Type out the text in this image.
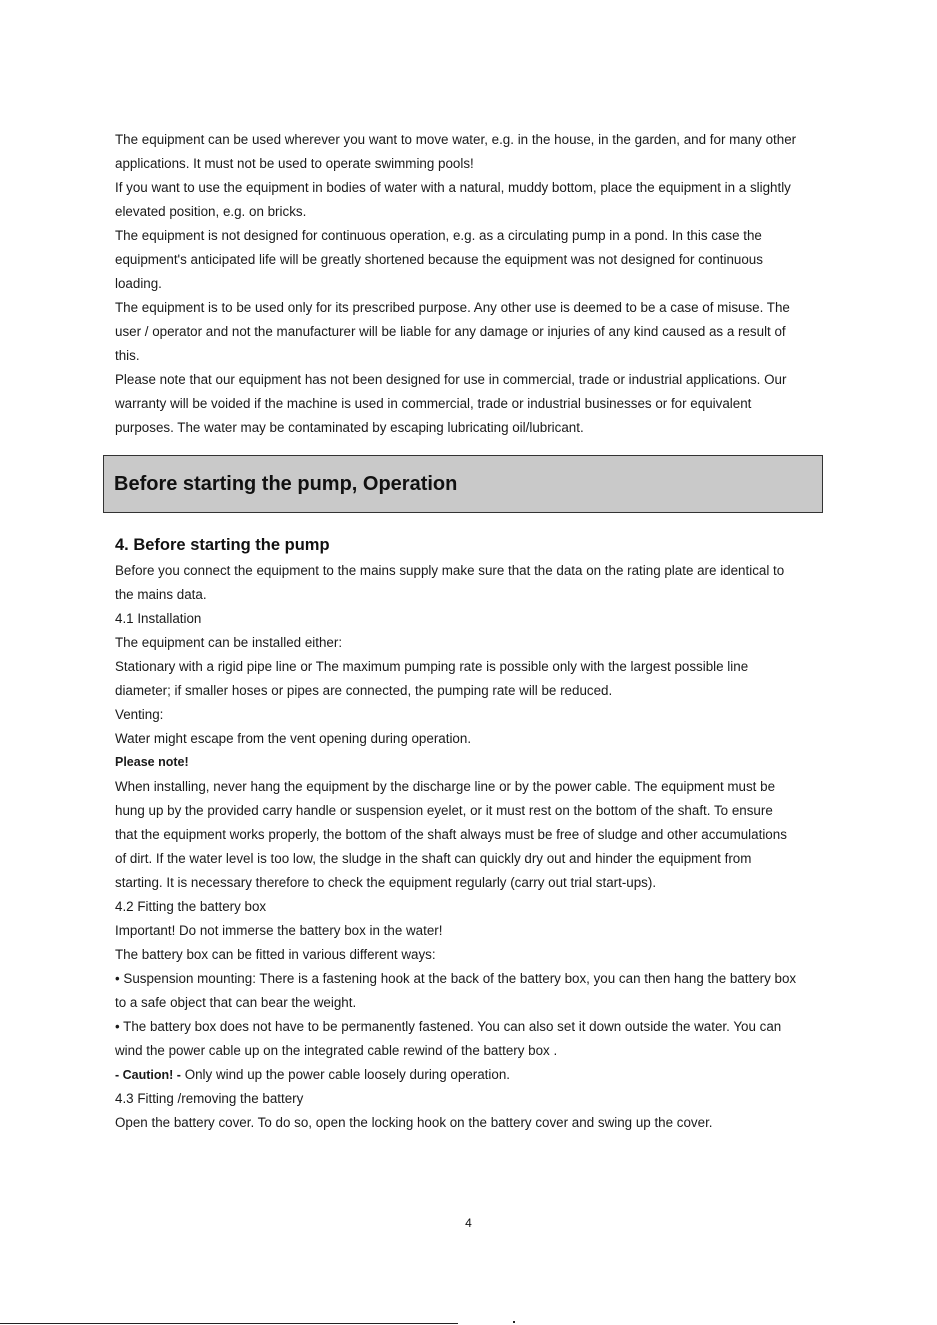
The equipment can be used wherever you want to move water, e.g. in the house, in the garden, and for many other
applications. It must not be used to operate swimming pools!
If you want to use the equipment in bodies of water with a natural, muddy bottom, place the equipment in a slightly
elevated position, e.g. on bricks.
The equipment is not designed for continuous operation, e.g. as a circulating pump in a pond. In this case the
equipment's anticipated life will be greatly shortened because the equipment was not designed for continuous
loading.
The equipment is to be used only for its prescribed purpose. Any other use is deemed to be a case of misuse. The
user / operator and not the manufacturer will be liable for any damage or injuries of any kind caused as a result of
this.
Please note that our equipment has not been designed for use in commercial, trade or industrial applications. Our
warranty will be voided if the machine is used in commercial, trade or industrial businesses or for equivalent
purposes. The water may be contaminated by escaping lubricating oil/lubricant.
Before starting the pump, Operation
4. Before starting the pump
Before you connect the equipment to the mains supply make sure that the data on the rating plate are identical to
the mains data.
4.1 Installation
The equipment can be installed either:
Stationary with a rigid pipe line or The maximum pumping rate is possible only with the largest possible line
diameter; if smaller hoses or pipes are connected, the pumping rate will be reduced.
Venting:
Water might escape from the vent opening during operation.
Please note!
When installing, never hang the equipment by the discharge line or by the power cable. The equipment must be
hung up by the provided carry handle or suspension eyelet, or it must rest on the bottom of the shaft. To ensure
that the equipment works properly, the bottom of the shaft always must be free of sludge and other accumulations
of dirt. If the water level is too low, the sludge in the shaft can quickly dry out and hinder the equipment from
starting. It is necessary therefore to check the equipment regularly (carry out trial start-ups).
4.2 Fitting the battery box
Important! Do not immerse the battery box in the water!
The battery box can be fitted in various different ways:
• Suspension mounting: There is a fastening hook at the back of the battery box, you can then hang the battery box
to a safe object that can bear the weight.
• The battery box does not have to be permanently fastened. You can also set it down outside the water. You can
wind the power cable up on the integrated cable rewind of the battery box .
- Caution! - Only wind up the power cable loosely during operation.
4.3 Fitting /removing the battery
Open the battery cover. To do so, open the locking hook on the battery cover and swing up the cover.
4
